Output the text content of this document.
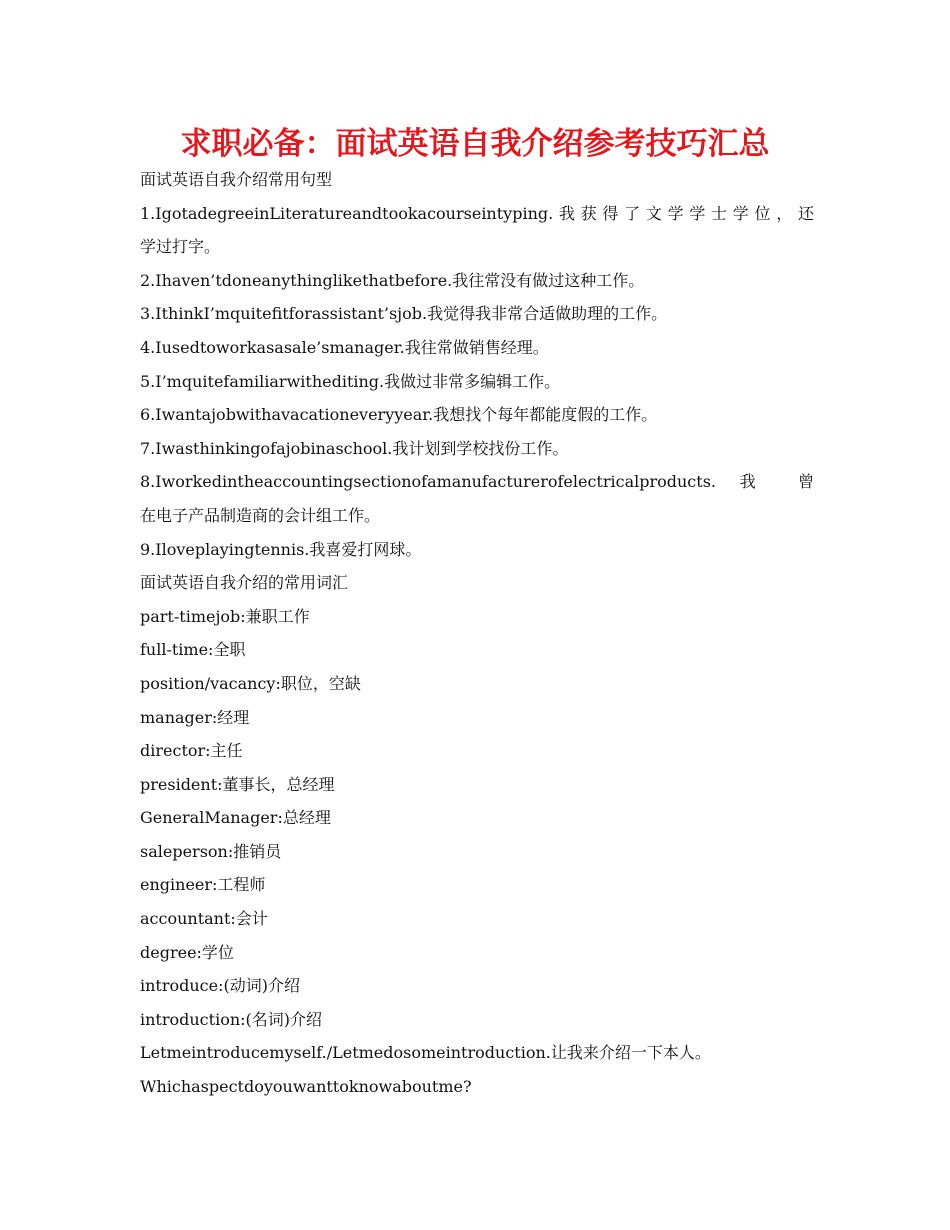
求职必备：面试英语自我介绍参考技巧汇总
面试英语自我介绍常用句型
1.IgotadegreeinLiteratureandtookacourseintyping.我获得了文学学士学位，还
学过打字。
2.Ihaven’tdoneanythinglikethatbefore.我往常没有做过这种工作。
3.IthinkI’mquitefitforassistant’sjob.我觉得我非常合适做助理的工作。
4.Iusedtoworkasasale’smanager.我往常做销售经理。
5.I’mquitefamiliarwithediting.我做过非常多编辑工作。
6.Iwantajobwithavacationeveryyear.我想找个每年都能度假的工作。
7.Iwasthinkingofajobinaschool.我计划到学校找份工作。
8.Iworkedintheaccountingsectionofamanufacturerofelectricalproducts. 我 曾
在电子产品制造商的会计组工作。
9.Iloveplayingtennis.我喜爱打网球。
面试英语自我介绍的常用词汇
part-timejob:兼职工作
full-time:全职
position/vacancy:职位，空缺
manager:经理
director:主任
president:董事长，总经理
GeneralManager:总经理
saleperson:推销员
engineer:工程师
accountant:会计
degree:学位
introduce:(动词)介绍
introduction:(名词)介绍
Letmeintroducemyself./Letmedosomeintroduction.让我来介绍一下本人。
Whichaspectdoyouwanttoknowaboutme?
